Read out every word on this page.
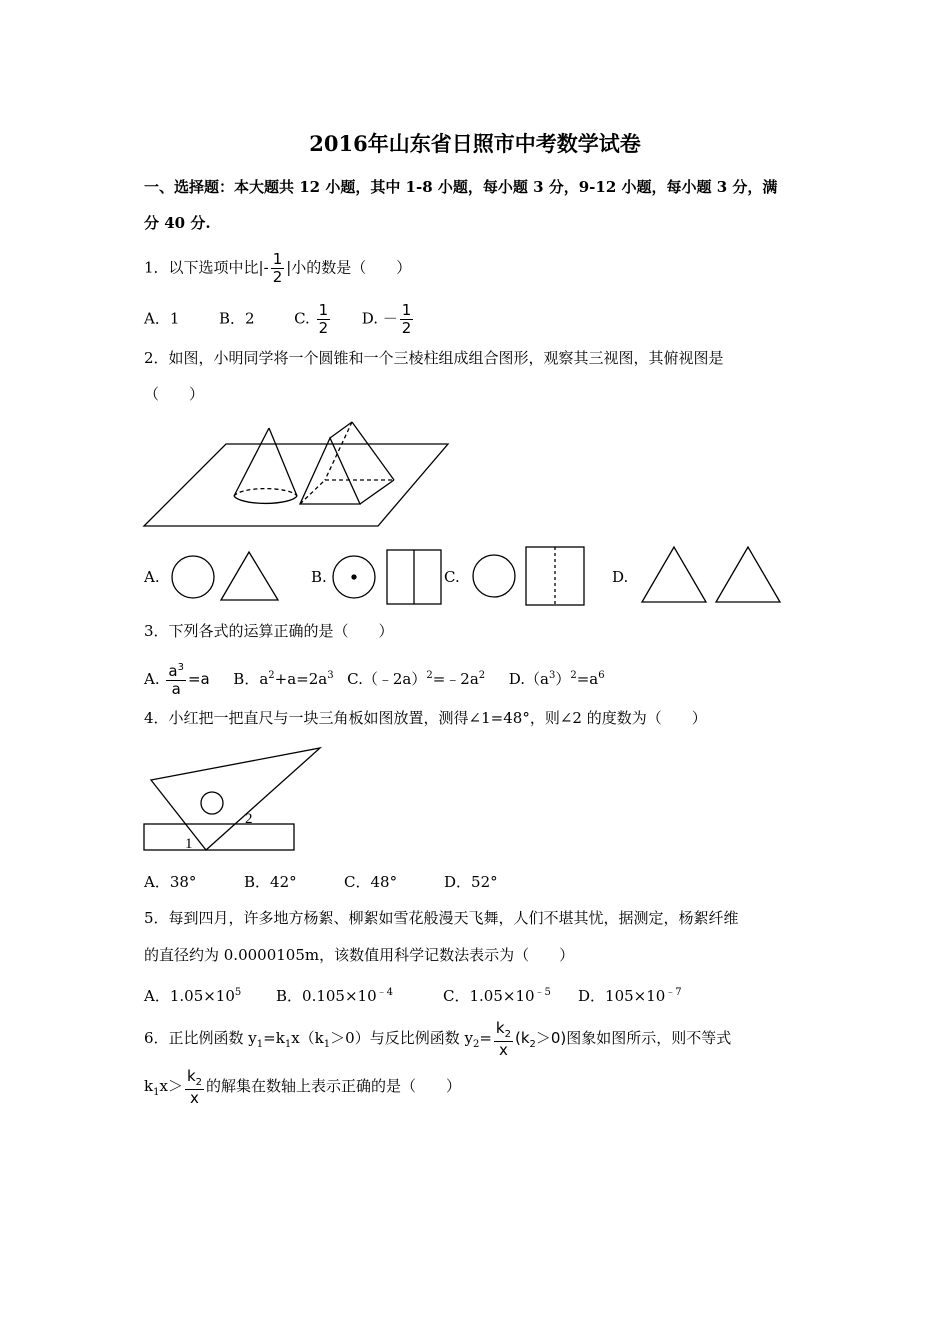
2016年山东省日照市中考数学试卷
一、选择题：本大题共 12 小题，其中 1-8 小题，每小题 3 分，9-12 小题，每小题 3 分，满
分 40 分.
1．以下选项中比|- $\frac{1}{2}$ |小的数是（　　）
A．1	B．2	C. $\frac{1}{2} D$. － $\frac{1}{2}$
2．如图，小明同学将一个圆锥和一个三棱柱组成组合图形，观察其三视图，其俯视图是
（　　）
A.	B.	C.	D.
3．下列各式的运算正确的是（　　）
A. $\frac{a^3}{a} =a$ B．$a^2+a=2a^3$ $C.(﹣2a)^2=﹣2a^2$ $D.(a^3)^2=a^6$
4．小红把一把直尺与一块三角板如图放置，测得∠1=48°，则∠2 的度数为（　　）
1
2
A．38°	B．42°	C．48°	D．52°
5．每到四月，许多地方杨絮、柳絮如雪花般漫天飞舞，人们不堪其忧，据测定，杨絮纤维
的直径约为 0.0000105m，该数值用科学记数法表示为（　　）
A．$1.05\times 10^5$ B．$0.105\times 10^{﹣4}$	C．$1.05\times 10^{﹣5}$ D．$105\times 10^{﹣7}$
6．正比例函数 $y_1=k_1x(k_1>0)$与反比例函数 $y_2= \frac{k_2}{x} (k_2>0)$图象如图所示，则不等式
$k_1x> \frac{k_2}{x}$ 的解集在数轴上表示正确的是（　　）
